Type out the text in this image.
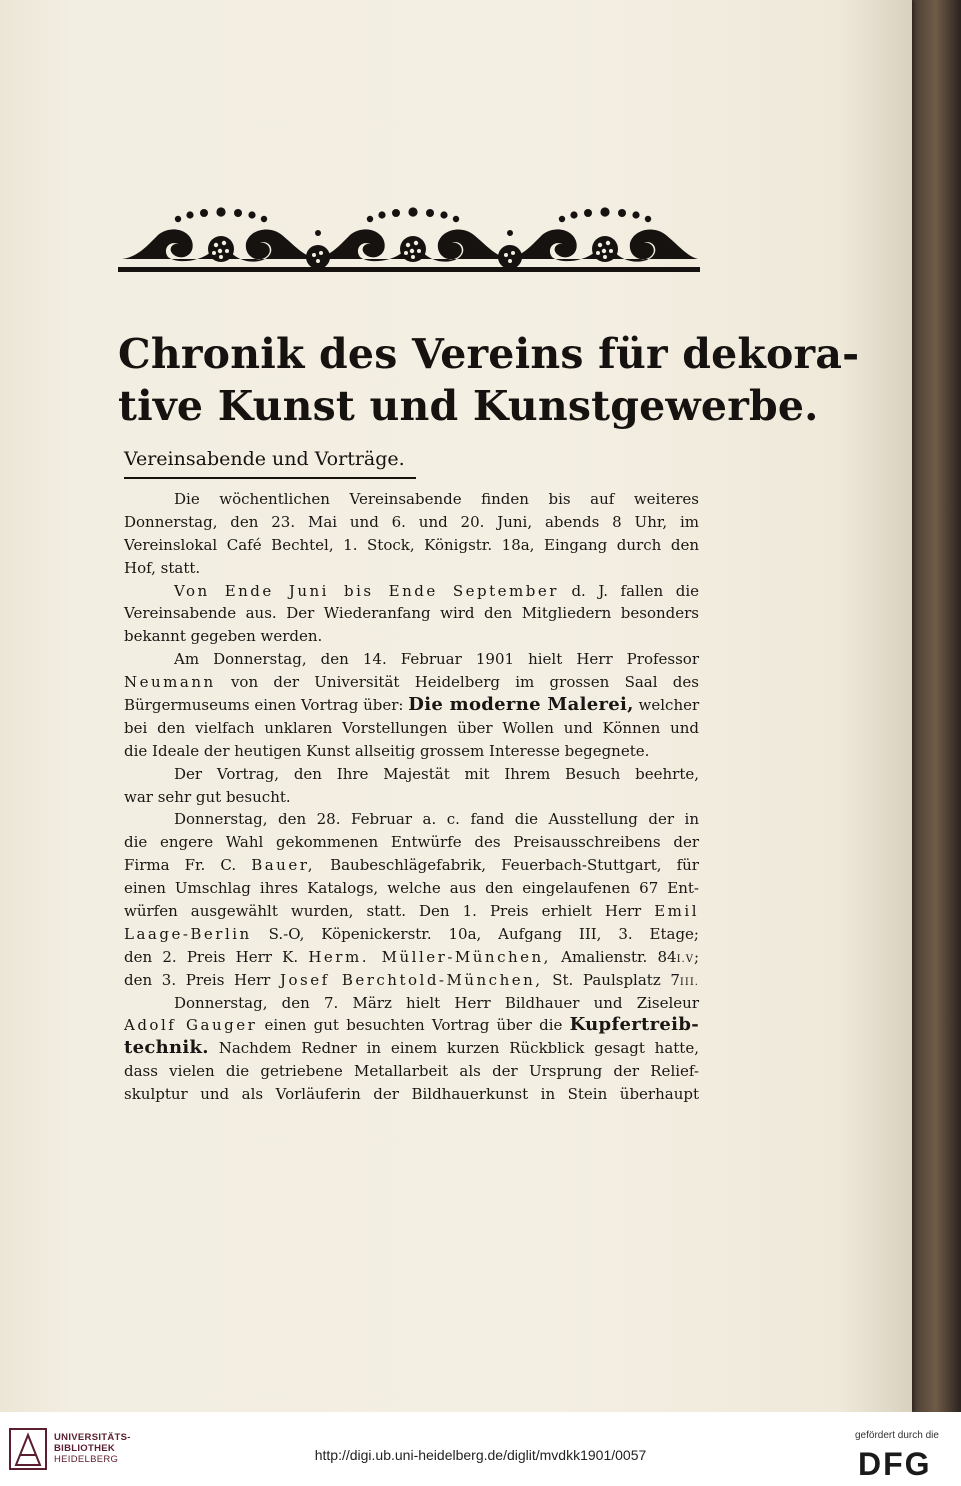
Chronik des Vereins für dekora-
tive Kunst und Kunstgewerbe.
Vereinsabende und Vorträge.
Die wöchentlichen Vereinsabende finden bis auf weiteres
Donnerstag, den 23. Mai und 6. und 20. Juni, abends 8 Uhr, im
Vereinslokal Café Bechtel, 1. Stock, Königstr. 18a, Eingang durch den
Hof, statt.
Von Ende Juni bis Ende September d. J. fallen die
Vereinsabende aus. Der Wiederanfang wird den Mitgliedern besonders
bekannt gegeben werden.
Am Donnerstag, den 14. Februar 1901 hielt Herr Professor
Neumann von der Universität Heidelberg im grossen Saal des
Bürgermuseums einen Vortrag über: Die moderne Malerei, welcher
bei den vielfach unklaren Vorstellungen über Wollen und Können und
die Ideale der heutigen Kunst allseitig grossem Interesse begegnete.
Der Vortrag, den Ihre Majestät mit Ihrem Besuch beehrte,
war sehr gut besucht.
Donnerstag, den 28. Februar a. c. fand die Ausstellung der in
die engere Wahl gekommenen Entwürfe des Preisausschreibens der
Firma Fr. C. Bauer, Baubeschlägefabrik, Feuerbach-Stuttgart, für
einen Umschlag ihres Katalogs, welche aus den eingelaufenen 67 Ent-
würfen ausgewählt wurden, statt. Den 1. Preis erhielt Herr Emil
Laage-Berlin S.-O, Köpenickerstr. 10a, Aufgang III, 3. Etage;
den 2. Preis Herr K. Herm. Müller-München, Amalienstr. 84I.V;
den 3. Preis Herr Josef Berchtold-München, St. Paulsplatz 7III.
Donnerstag, den 7. März hielt Herr Bildhauer und Ziseleur
Adolf Gauger einen gut besuchten Vortrag über die Kupfertreib-
technik. Nachdem Redner in einem kurzen Rückblick gesagt hatte,
dass vielen die getriebene Metallarbeit als der Ursprung der Relief-
skulptur und als Vorläuferin der Bildhauerkunst in Stein überhaupt
UNIVERSITÄTS-
BIBLIOTHEK
HEIDELBERG	http://digi.ub.uni-heidelberg.de/diglit/mvdkk1901/0057
gefördert durch die
DFG
